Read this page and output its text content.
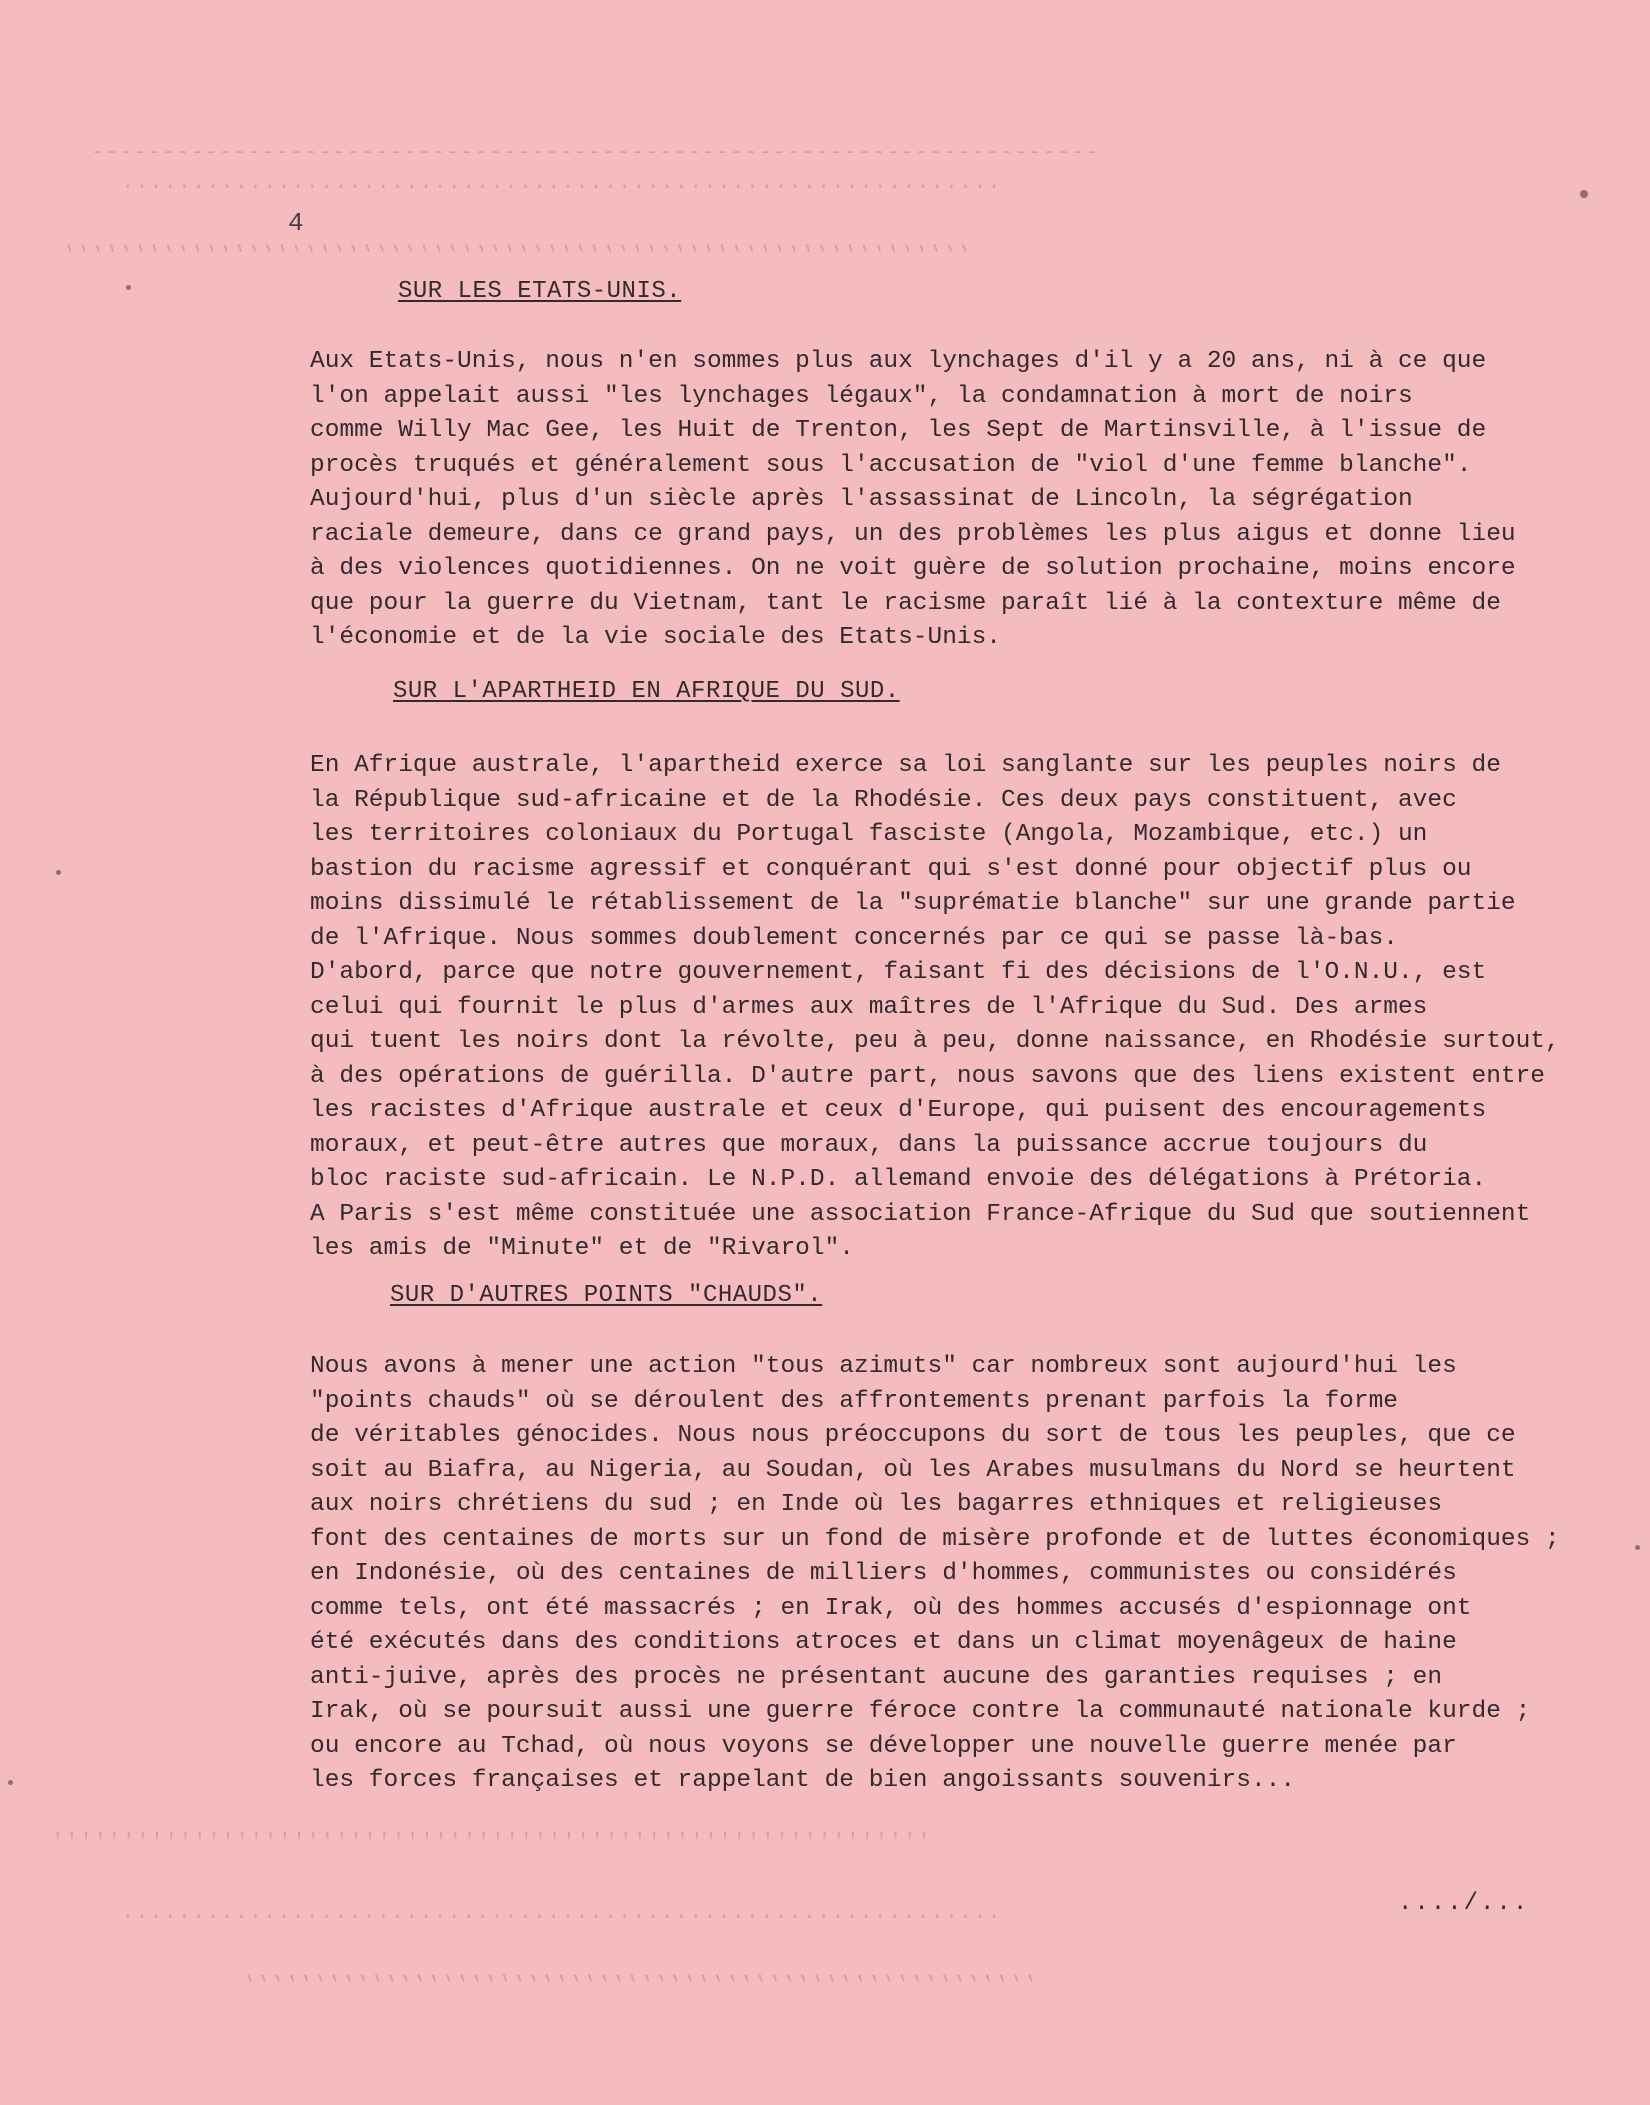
-----------------------------------------------------------------------
..............................................................
,,,,,,,,,,,,,,,,,,,,,,,,,,,,,,,,,,,,,,,,,,,,,,,,,,,,,,,,,,,,,,,,
''''''''''''''''''''''''''''''''''''''''''''''''''''''''''''''
..............................................................
,,,,,,,,,,,,,,,,,,,,,,,,,,,,,,,,,,,,,,,,,,,,,,,,,,,,,,,,
4
SUR LES ETATS-UNIS.
Aux Etats-Unis, nous n'en sommes plus aux lynchages d'il y a 20 ans, ni à ce que
l'on appelait aussi "les lynchages légaux", la condamnation à mort de noirs
comme Willy Mac Gee, les Huit de Trenton, les Sept de Martinsville, à l'issue de
procès truqués et généralement sous l'accusation de "viol d'une femme blanche".
Aujourd'hui, plus d'un siècle après l'assassinat de Lincoln, la ségrégation
raciale demeure, dans ce grand pays, un des problèmes les plus aigus et donne lieu
à des violences quotidiennes. On ne voit guère de solution prochaine, moins encore
que pour la guerre du Vietnam, tant le racisme paraît lié à la contexture même de
l'économie et de la vie sociale des Etats-Unis.
SUR L'APARTHEID EN AFRIQUE DU SUD.
En Afrique australe, l'apartheid exerce sa loi sanglante sur les peuples noirs de
la République sud-africaine et de la Rhodésie. Ces deux pays constituent, avec
les territoires coloniaux du Portugal fasciste (Angola, Mozambique, etc.) un
bastion du racisme agressif et conquérant qui s'est donné pour objectif plus ou
moins dissimulé le rétablissement de la "suprématie blanche" sur une grande partie
de l'Afrique. Nous sommes doublement concernés par ce qui se passe là-bas.
D'abord, parce que notre gouvernement, faisant fi des décisions de l'O.N.U., est
celui qui fournit le plus d'armes aux maîtres de l'Afrique du Sud. Des armes
qui tuent les noirs dont la révolte, peu à peu, donne naissance, en Rhodésie surtout,
à des opérations de guérilla. D'autre part, nous savons que des liens existent entre
les racistes d'Afrique australe et ceux d'Europe, qui puisent des encouragements
moraux, et peut-être autres que moraux, dans la puissance accrue toujours du
bloc raciste sud-africain. Le N.P.D. allemand envoie des délégations à Prétoria.
A Paris s'est même constituée une association France-Afrique du Sud que soutiennent
les amis de "Minute" et de "Rivarol".
SUR D'AUTRES POINTS "CHAUDS".
Nous avons à mener une action "tous azimuts" car nombreux sont aujourd'hui les
"points chauds" où se déroulent des affrontements prenant parfois la forme
de véritables génocides. Nous nous préoccupons du sort de tous les peuples, que ce
soit au Biafra, au Nigeria, au Soudan, où les Arabes musulmans du Nord se heurtent
aux noirs chrétiens du sud ; en Inde où les bagarres ethniques et religieuses
font des centaines de morts sur un fond de misère profonde et de luttes économiques ;
en Indonésie, où des centaines de milliers d'hommes, communistes ou considérés
comme tels, ont été massacrés ; en Irak, où des hommes accusés d'espionnage ont
été exécutés dans des conditions atroces et dans un climat moyenâgeux de haine
anti-juive, après des procès ne présentant aucune des garanties requises ; en
Irak, où se poursuit aussi une guerre féroce contre la communauté nationale kurde ;
ou encore au Tchad, où nous voyons se développer une nouvelle guerre menée par
les forces françaises et rappelant de bien angoissants souvenirs...
..../...
